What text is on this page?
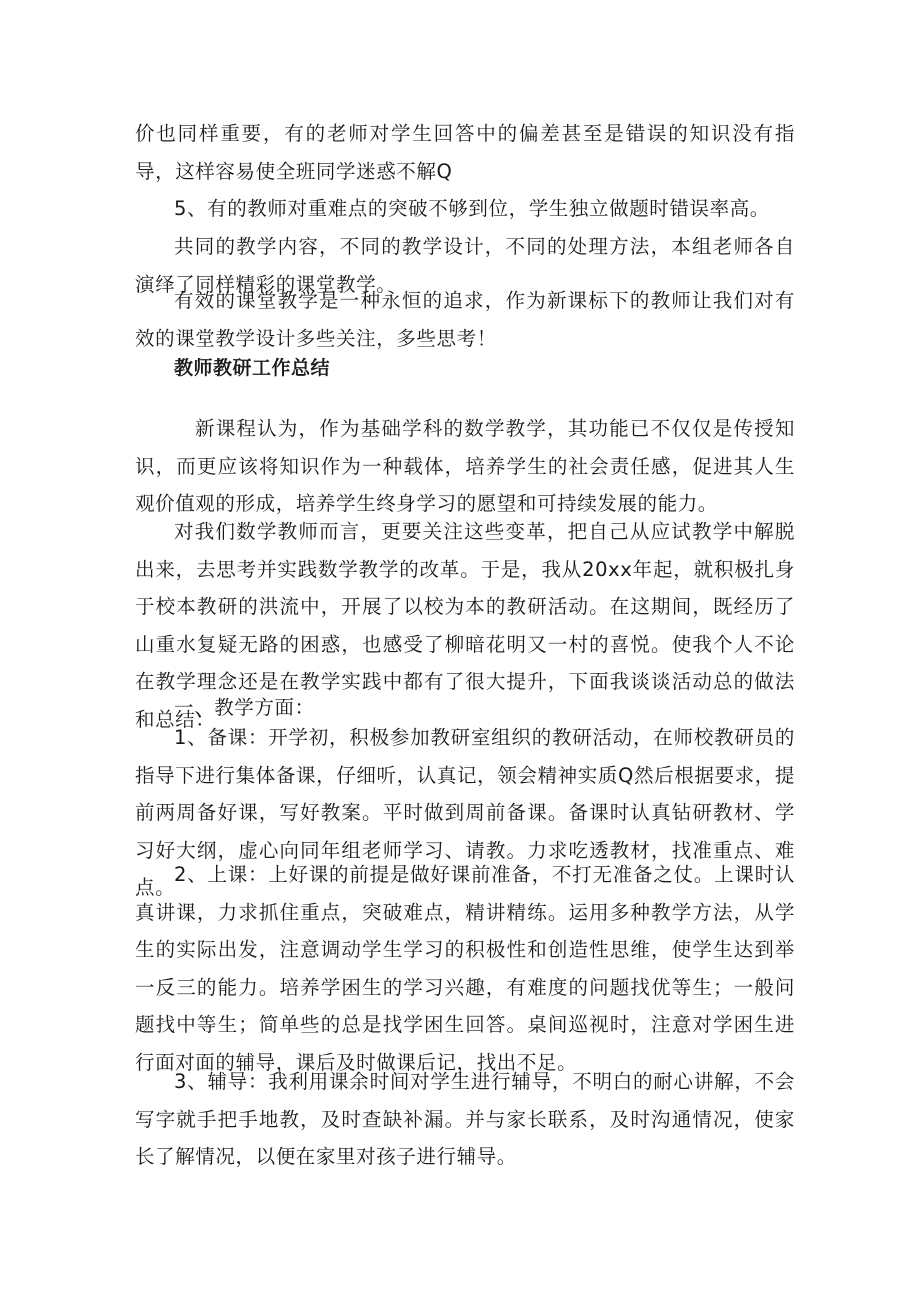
价也同样重要，有的老师对学生回答中的偏差甚至是错误的知识没有指导，这样容易使全班同学迷惑不解Q

5、有的教师对重难点的突破不够到位，学生独立做题时错误率高。

共同的教学内容，不同的教学设计，不同的处理方法，本组老师各自演绎了同样精彩的课堂教学。

有效的课堂教学是一种永恒的追求，作为新课标下的教师让我们对有效的课堂教学设计多些关注，多些思考！

教师教研工作总结

新课程认为，作为基础学科的数学教学，其功能已不仅仅是传授知识，而更应该将知识作为一种载体，培养学生的社会责任感，促进其人生观价值观的形成，培养学生终身学习的愿望和可持续发展的能力。

对我们数学教师而言，更要关注这些变革，把自己从应试教学中解脱出来，去思考并实践数学教学的改革。于是，我从20xx年起，就积极扎身于校本教研的洪流中，开展了以校为本的教研活动。在这期间，既经历了山重水复疑无路的困惑，也感受了柳暗花明又一村的喜悦。使我个人不论在教学理念还是在教学实践中都有了很大提升，下面我谈谈活动总的做法和总结：

一、教学方面：

1、备课：开学初，积极参加教研室组织的教研活动，在师校教研员的指导下进行集体备课，仔细听，认真记，领会精神实质Q然后根据要求，提前两周备好课，写好教案。平时做到周前备课。备课时认真钻研教材、学习好大纲，虚心向同年组老师学习、请教。力求吃透教材，找准重点、难点。

2、上课：上好课的前提是做好课前准备，不打无准备之仗。上课时认真讲课，力求抓住重点，突破难点，精讲精练。运用多种教学方法，从学生的实际出发，注意调动学生学习的积极性和创造性思维，使学生达到举一反三的能力。培养学困生的学习兴趣，有难度的问题找优等生；一般问题找中等生；简单些的总是找学困生回答。桌间巡视时，注意对学困生进行面对面的辅导，课后及时做课后记，找出不足。

3、辅导：我利用课余时间对学生进行辅导，不明白的耐心讲解，不会写字就手把手地教，及时查缺补漏。并与家长联系，及时沟通情况，使家长了解情况，以便在家里对孩子进行辅导。
